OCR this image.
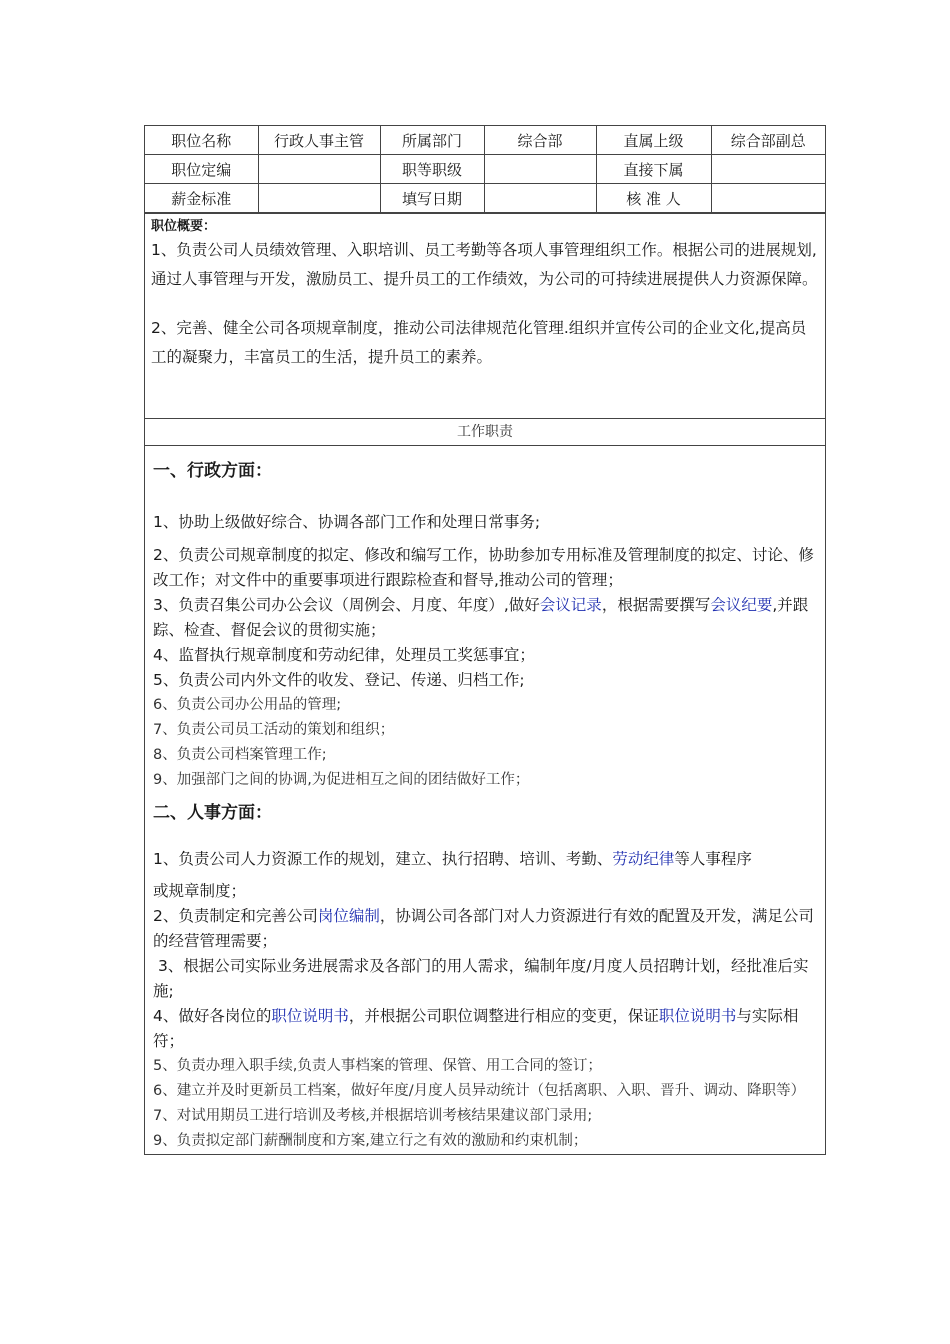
职位名称	行政人事主管	所属部门	综合部	直属上级	综合部副总
职位定编		职等职级		直接下属	
薪金标准		填写日期		核 准 人	
职位概要：

1、负责公司人员绩效管理、入职培训、员工考勤等各项人事管理组织工作。根据公司的进展规划,通过人事管理与开发，激励员工、提升员工的工作绩效，为公司的可持续进展提供人力资源保障。

2、完善、健全公司各项规章制度，推动公司法律规范化管理.组织并宣传公司的企业文化,提高员工的凝聚力，丰富员工的生活，提升员工的素养。

工作职责
一、行政方面：
1、协助上级做好综合、协调各部门工作和处理日常事务;
2、负责公司规章制度的拟定、修改和编写工作，协助参加专用标准及管理制度的拟定、讨论、修改工作；对文件中的重要事项进行跟踪检查和督导,推动公司的管理；
3、负责召集公司办公会议（周例会、月度、年度）,做好会议记录，根据需要撰写会议纪要,并跟踪、检查、督促会议的贯彻实施；
4、监督执行规章制度和劳动纪律，处理员工奖惩事宜；
5、负责公司内外文件的收发、登记、传递、归档工作;
6、负责公司办公用品的管理;
7、负责公司员工活动的策划和组织；
8、负责公司档案管理工作;
9、加强部门之间的协调,为促进相互之间的团结做好工作；
二、人事方面：
1、负责公司人力资源工作的规划，建立、执行招聘、培训、考勤、劳动纪律等人事程序
或规章制度；
2、负责制定和完善公司岗位编制，协调公司各部门对人力资源进行有效的配置及开发，满足公司的经营管理需要；
3、根据公司实际业务进展需求及各部门的用人需求，编制年度/月度人员招聘计划，经批准后实施;
4、做好各岗位的职位说明书，并根据公司职位调整进行相应的变更，保证职位说明书与实际相符；
5、负责办理入职手续,负责人事档案的管理、保管、用工合同的签订；
6、建立并及时更新员工档案，做好年度/月度人员异动统计（包括离职、入职、晋升、调动、降职等）
7、对试用期员工进行培训及考核,并根据培训考核结果建议部门录用;
9、负责拟定部门薪酬制度和方案,建立行之有效的激励和约束机制；
